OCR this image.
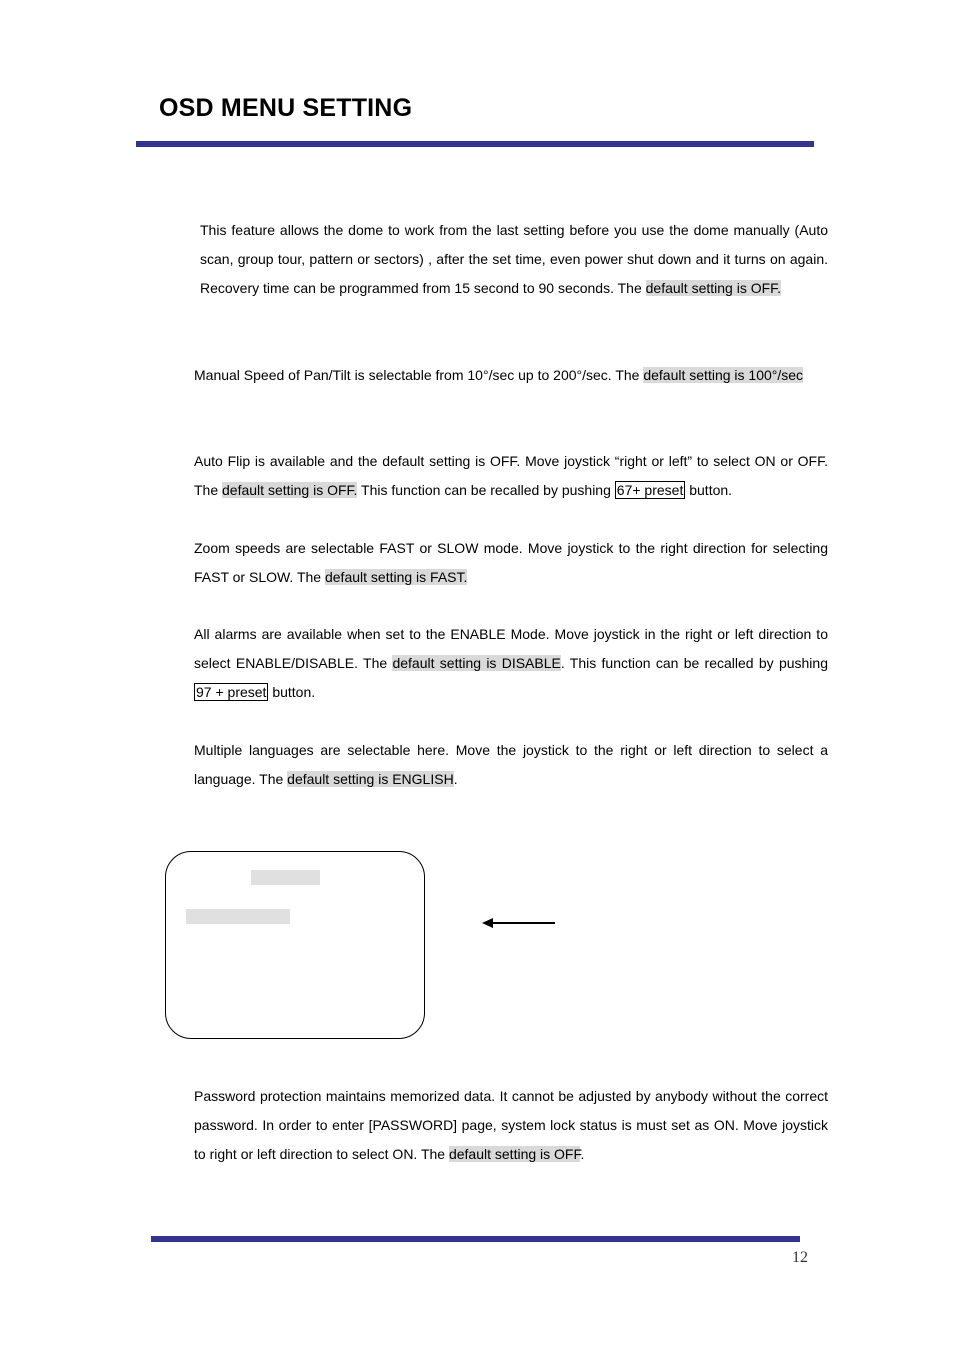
OSD MENU SETTING

This feature allows the dome to work from the last setting before you use the dome manually (Auto scan, group tour, pattern or sectors) , after the set time, even power shut down and it turns on again. Recovery time can be programmed from 15 second to 90 seconds. The default setting is OFF.

Manual Speed of Pan/Tilt is selectable from 10°/sec up to 200°/sec. The default setting is 100°/sec

Auto Flip is available and the default setting is OFF. Move joystick “right or left” to select ON or OFF. The default setting is OFF. This function can be recalled by pushing 67+ preset button.

Zoom speeds are selectable FAST or SLOW mode. Move joystick to the right direction for selecting FAST or SLOW. The default setting is FAST.

All alarms are available when set to the ENABLE Mode. Move joystick in the right or left direction to select ENABLE/DISABLE. The default setting is DISABLE. This function can be recalled by pushing 97 + preset button.

Multiple languages are selectable here. Move the joystick to the right or left direction to select a language. The default setting is ENGLISH.

Password protection maintains memorized data. It cannot be adjusted by anybody without the correct password. In order to enter [PASSWORD] page, system lock status is must set as ON. Move joystick to right or left direction to select ON. The default setting is OFF.

12
